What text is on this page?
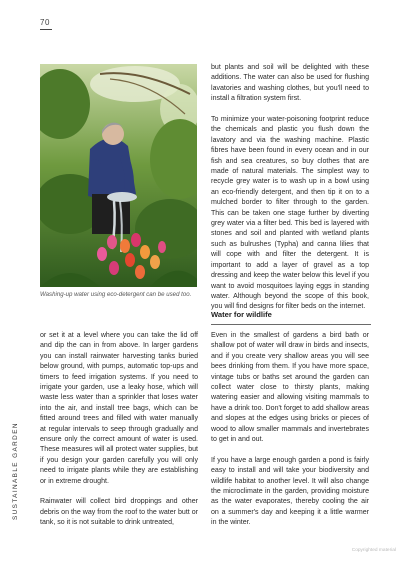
70
Washing-up water using eco-detergent can be used too.

but plants and soil will be delighted with these additions. The water can also be used for flushing lavatories and washing clothes, but you'll need to install a filtration system first.

To minimize your water-poisoning footprint reduce the chemicals and plastic you flush down the lavatory and via the washing machine. Plastic fibres have been found in every ocean and in our fish and sea creatures, so buy clothes that are made of natural materials. The simplest way to recycle grey water is to wash up in a bowl using an eco-friendly detergent, and then tip it on to a mulched border to filter through to the garden. This can be taken one stage further by diverting grey water via a filter bed. This bed is layered with stones and soil and planted with wetland plants such as bulrushes (Typha) and canna lilies that will cope with and filter the detergent. It is important to add a layer of gravel as a top dressing and keep the water below this level if you want to avoid mosquitoes laying eggs in standing water. Although beyond the scope of this book, you will find designs for filter beds on the internet.

Water for wildlife

or set it at a level where you can take the lid off and dip the can in from above. In larger gardens you can install rainwater harvesting tanks buried below ground, with pumps, automatic top-ups and timers to feed irrigation systems. If you need to irrigate your garden, use a leaky hose, which will waste less water than a sprinkler that loses water into the air, and install tree bags, which can be fitted around trees and filled with water manually at regular intervals to seep through gradually and ensure only the correct amount of water is used. These measures will all protect water supplies, but if you design your garden carefully you will only need to irrigate plants while they are establishing or in extreme drought.

Rainwater will collect bird droppings and other debris on the way from the roof to the water butt or tank, so it is not suitable to drink untreated,

Even in the smallest of gardens a bird bath or shallow pot of water will draw in birds and insects, and if you create very shallow areas you will see bees drinking from them. If you have more space, vintage tubs or baths set around the garden can collect water close to thirsty plants, making watering easier and allowing visiting mammals to have a drink too. Don't forget to add shallow areas and slopes at the edges using bricks or pieces of wood to allow smaller mammals and invertebrates to get in and out.

If you have a large enough garden a pond is fairly easy to install and will take your biodiversity and wildlife habitat to another level. It will also change the microclimate in the garden, providing moisture as the water evaporates, thereby cooling the air on a summer's day and keeping it a little warmer in the winter.

SUSTAINABLE GARDEN
Copyrighted material
